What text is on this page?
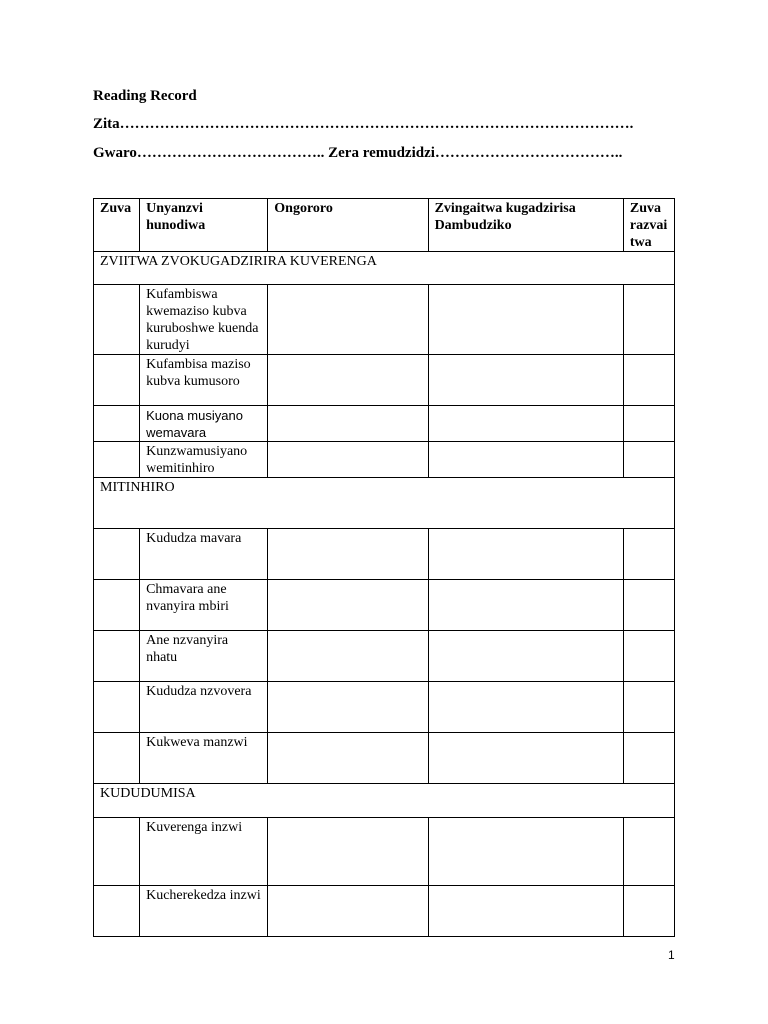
Reading Record
Zita………………………………………………………………………………………….
Gwaro……………………………….. Zera remudzidzi………………………………..
Zuva	Unyanzvi hunodiwa	Ongororo	Zvingaitwa kugadzirisa Dambudziko	Zuva razvaitwa
ZVIITWA ZVOKUGADZIRIRA KUVERENGA				
	Kufambiswa kwemaziso kubva kuruboshwe kuenda kurudyi			
	Kufambisa maziso kubva kumusoro			
	Kuona musiyano wemavara			
	Kunzwamusiyano wemitinhiro			
MITINHIRO				
	Kududza mavara			
	Chmavara ane nvanyira mbiri			
	Ane nzvanyira nhatu			
	Kududza nzvovera			
	Kukweva manzwi			
KUDUDUMISA				
	Kuverenga inzwi			
	Kucherekedza inzwi			
1
